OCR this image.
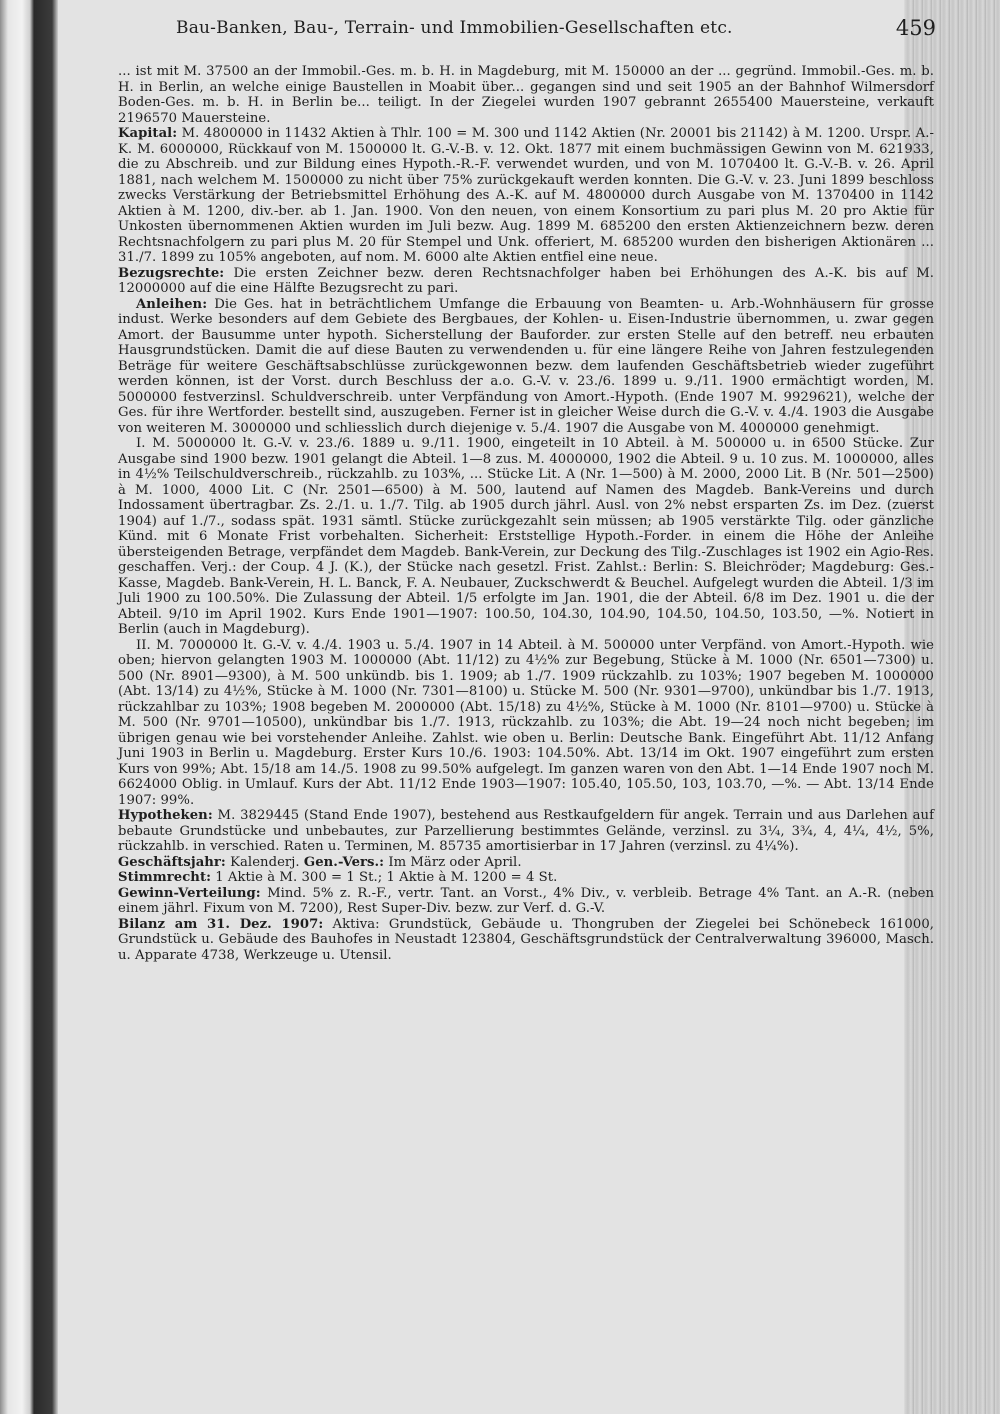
Bau-Banken, Bau-, Terrain- und Immobilien-Gesellschaften etc.	459

... ist mit M. 37500 an der Immobil.-Ges. m. b. H. in Magdeburg, mit M. 150000 an der ... gegründ. Immobil.-Ges. m. b. H. in Berlin, an welche einige Baustellen in Moabit über... gegangen sind und seit 1905 an der Bahnhof Wilmersdorf Boden-Ges. m. b. H. in Berlin be... teiligt. In der Ziegelei wurden 1907 gebrannt 2655400 Mauersteine, verkauft 2196570 Mauersteine.

Kapital: M. 4800000 in 11432 Aktien à Thlr. 100 = M. 300 und 1142 Aktien (Nr. 20001 bis 21142) à M. 1200. Urspr. A.-K. M. 6000000, Rückkauf von M. 1500000 lt. G.-V.-B. v. 12. Okt. 1877 mit einem buchmässigen Gewinn von M. 621933, die zu Abschreib. und zur Bildung eines Hypoth.-R.-F. verwendet wurden, und von M. 1070400 lt. G.-V.-B. v. 26. April 1881, nach welchem M. 1500000 zu nicht über 75% zurückgekauft werden konnten. Die G.-V. v. 23. Juni 1899 beschloss zwecks Verstärkung der Betriebsmittel Erhöhung des A.-K. auf M. 4800000 durch Ausgabe von M. 1370400 in 1142 Aktien à M. 1200, div.-ber. ab 1. Jan. 1900. Von den neuen, von einem Konsortium zu pari plus M. 20 pro Aktie für Unkosten übernommenen Aktien wurden im Juli bezw. Aug. 1899 M. 685200 den ersten Aktienzeichnern bezw. deren Rechtsnachfolgern zu pari plus M. 20 für Stempel und Unk. offeriert, M. 685200 wurden den bisherigen Aktionären ... 31./7. 1899 zu 105% angeboten, auf nom. M. 6000 alte Aktien entfiel eine neue.

Bezugsrechte: Die ersten Zeichner bezw. deren Rechtsnachfolger haben bei Erhöhungen des A.-K. bis auf M. 12000000 auf die eine Hälfte Bezugsrecht zu pari.

Anleihen: Die Ges. hat in beträchtlichem Umfange die Erbauung von Beamten- u. Arb.-Wohnhäusern für grosse indust. Werke besonders auf dem Gebiete des Bergbaues, der Kohlen- u. Eisen-Industrie übernommen, u. zwar gegen Amort. der Bausumme unter hypoth. Sicherstellung der Bauforder. zur ersten Stelle auf den betreff. neu erbauten Hausgrundstücken. Damit die auf diese Bauten zu verwendenden u. für eine längere Reihe von Jahren festzulegenden Beträge für weitere Geschäftsabschlüsse zurückgewonnen bezw. dem laufenden Geschäftsbetrieb wieder zugeführt werden können, ist der Vorst. durch Beschluss der a.o. G.-V. v. 23./6. 1899 u. 9./11. 1900 ermächtigt worden, M. 5000000 festverzinsl. Schuldverschreib. unter Verpfändung von Amort.-Hypoth. (Ende 1907 M. 9929621), welche der Ges. für ihre Wertforder. bestellt sind, auszugeben. Ferner ist in gleicher Weise durch die G.-V. v. 4./4. 1903 die Ausgabe von weiteren M. 3000000 und schliesslich durch diejenige v. 5./4. 1907 die Ausgabe von M. 4000000 genehmigt.

I. M. 5000000 lt. G.-V. v. 23./6. 1889 u. 9./11. 1900, eingeteilt in 10 Abteil. à M. 500000 u. in 6500 Stücke. Zur Ausgabe sind 1900 bezw. 1901 gelangt die Abteil. 1—8 zus. M. 4000000, 1902 die Abteil. 9 u. 10 zus. M. 1000000, alles in 4½% Teilschuldverschreib., rückzahlb. zu 103%, ... Stücke Lit. A (Nr. 1—500) à M. 2000, 2000 Lit. B (Nr. 501—2500) à M. 1000, 4000 Lit. C (Nr. 2501—6500) à M. 500, lautend auf Namen des Magdeb. Bank-Vereins und durch Indossament übertragbar. Zs. 2./1. u. 1./7. Tilg. ab 1905 durch jährl. Ausl. von 2% nebst ersparten Zs. im Dez. (zuerst 1904) auf 1./7., sodass spät. 1931 sämtl. Stücke zurückgezahlt sein müssen; ab 1905 verstärkte Tilg. oder gänzliche Künd. mit 6 Monate Frist vorbehalten. Sicherheit: Erststellige Hypoth.-Forder. in einem die Höhe der Anleihe übersteigenden Betrage, verpfändet dem Magdeb. Bank-Verein, zur Deckung des Tilg.-Zuschlages ist 1902 ein Agio-Res. geschaffen. Verj.: der Coup. 4 J. (K.), der Stücke nach gesetzl. Frist. Zahlst.: Berlin: S. Bleichröder; Magdeburg: Ges.-Kasse, Magdeb. Bank-Verein, H. L. Banck, F. A. Neubauer, Zuckschwerdt & Beuchel. Aufgelegt wurden die Abteil. 1/3 im Juli 1900 zu 100.50%. Die Zulassung der Abteil. 1/5 erfolgte im Jan. 1901, die der Abteil. 6/8 im Dez. 1901 u. die der Abteil. 9/10 im April 1902. Kurs Ende 1901—1907: 100.50, 104.30, 104.90, 104.50, 104.50, 103.50, —%. Notiert in Berlin (auch in Magdeburg).

II. M. 7000000 lt. G.-V. v. 4./4. 1903 u. 5./4. 1907 in 14 Abteil. à M. 500000 unter Verpfänd. von Amort.-Hypoth. wie oben; hiervon gelangten 1903 M. 1000000 (Abt. 11/12) zu 4½% zur Begebung, Stücke à M. 1000 (Nr. 6501—7300) u. 500 (Nr. 8901—9300), à M. 500 unkündb. bis 1. 1909; ab 1./7. 1909 rückzahlb. zu 103%; 1907 begeben M. 1000000 (Abt. 13/14) zu 4½%, Stücke à M. 1000 (Nr. 7301—8100) u. Stücke M. 500 (Nr. 9301—9700), unkündbar bis 1./7. 1913, rückzahlbar zu 103%; 1908 begeben M. 2000000 (Abt. 15/18) zu 4½%, Stücke à M. 1000 (Nr. 8101—9700) u. Stücke à M. 500 (Nr. 9701—10500), unkündbar bis 1./7. 1913, rückzahlb. zu 103%; die Abt. 19—24 noch nicht begeben; im übrigen genau wie bei vorstehender Anleihe. Zahlst. wie oben u. Berlin: Deutsche Bank. Eingeführt Abt. 11/12 Anfang Juni 1903 in Berlin u. Magdeburg. Erster Kurs 10./6. 1903: 104.50%. Abt. 13/14 im Okt. 1907 eingeführt zum ersten Kurs von 99%; Abt. 15/18 am 14./5. 1908 zu 99.50% aufgelegt. Im ganzen waren von den Abt. 1—14 Ende 1907 noch M. 6624000 Oblig. in Umlauf. Kurs der Abt. 11/12 Ende 1903—1907: 105.40, 105.50, 103, 103.70, —%. — Abt. 13/14 Ende 1907: 99%.

Hypotheken: M. 3829445 (Stand Ende 1907), bestehend aus Restkaufgeldern für angek. Terrain und aus Darlehen auf bebaute Grundstücke und unbebautes, zur Parzellierung bestimmtes Gelände, verzinsl. zu 3¼, 3¾, 4, 4¼, 4½, 5%, rückzahlb. in verschied. Raten u. Terminen, M. 85735 amortisierbar in 17 Jahren (verzinsl. zu 4¼%).

Geschäftsjahr: Kalenderj. Gen.-Vers.: Im März oder April.

Stimmrecht: 1 Aktie à M. 300 = 1 St.; 1 Aktie à M. 1200 = 4 St.

Gewinn-Verteilung: Mind. 5% z. R.-F., vertr. Tant. an Vorst., 4% Div., v. verbleib. Betrage 4% Tant. an A.-R. (neben einem jährl. Fixum von M. 7200), Rest Super-Div. bezw. zur Verf. d. G.-V.

Bilanz am 31. Dez. 1907: Aktiva: Grundstück, Gebäude u. Thongruben der Ziegelei bei Schönebeck 161000, Grundstück u. Gebäude des Bauhofes in Neustadt 123804, Geschäftsgrundstück der Centralverwaltung 396000, Masch. u. Apparate 4738, Werkzeuge u. Utensil.
